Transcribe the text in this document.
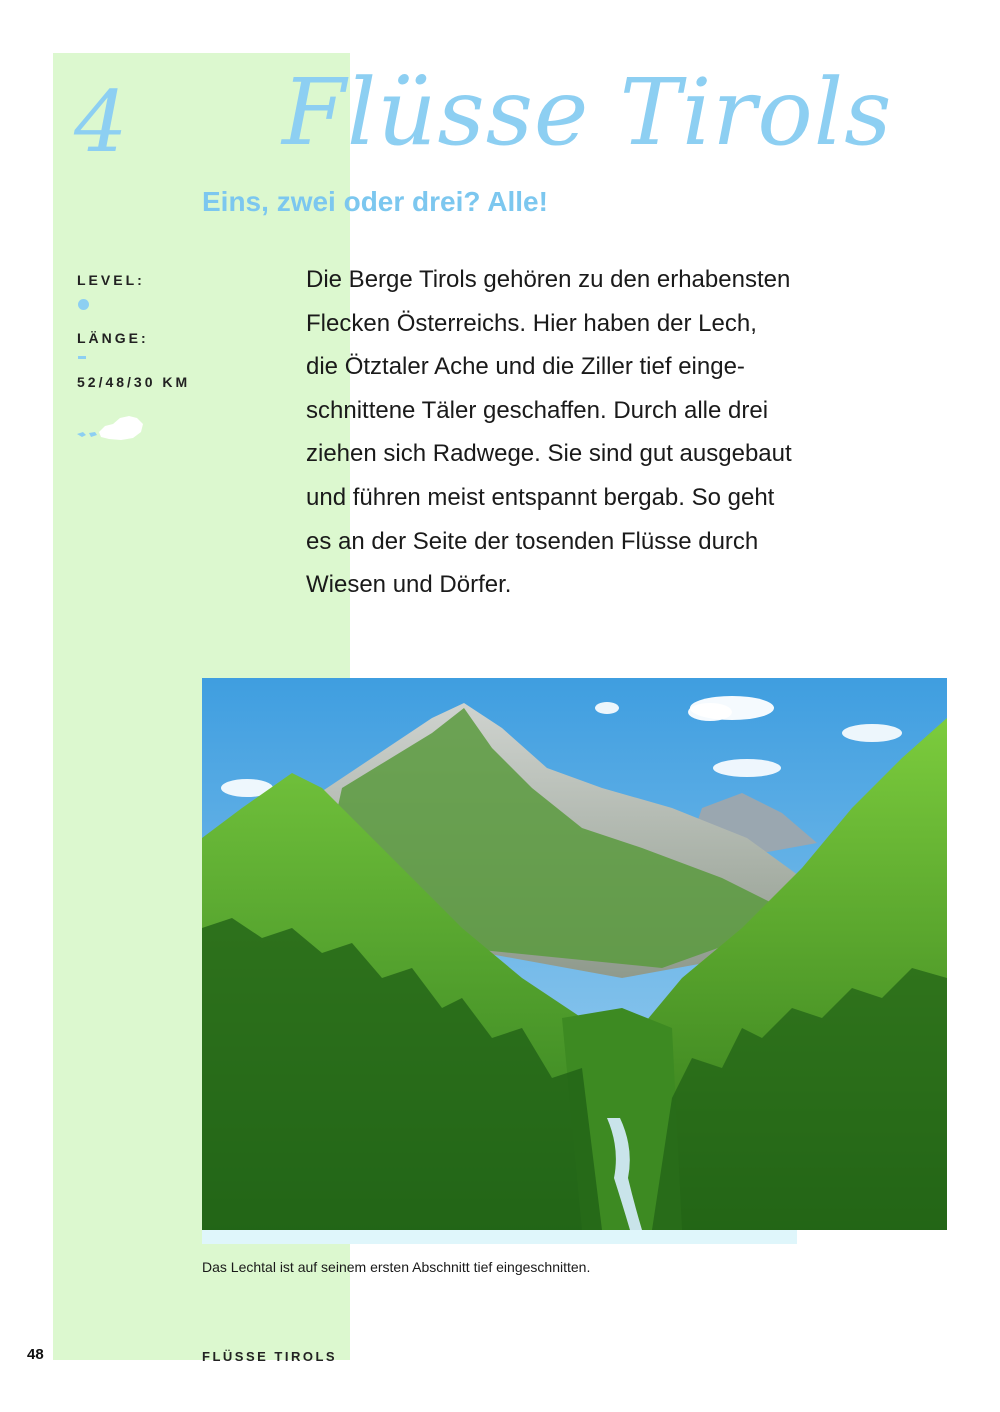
4 Flüsse Tirols
Eins, zwei oder drei? Alle!
LEVEL:
LÄNGE:
52/48/30 KM
Die Berge Tirols gehören zu den erhabensten
Flecken Österreichs. Hier haben der Lech,
die Ötztaler Ache und die Ziller tief einge-
schnittene Täler geschaffen. Durch alle drei
ziehen sich Radwege. Sie sind gut ausgebaut
und führen meist entspannt bergab. So geht
es an der Seite der tosenden Flüsse durch
Wiesen und Dörfer.
Das Lechtal ist auf seinem ersten Abschnitt tief eingeschnitten.
48	FLÜSSE TIROLS
